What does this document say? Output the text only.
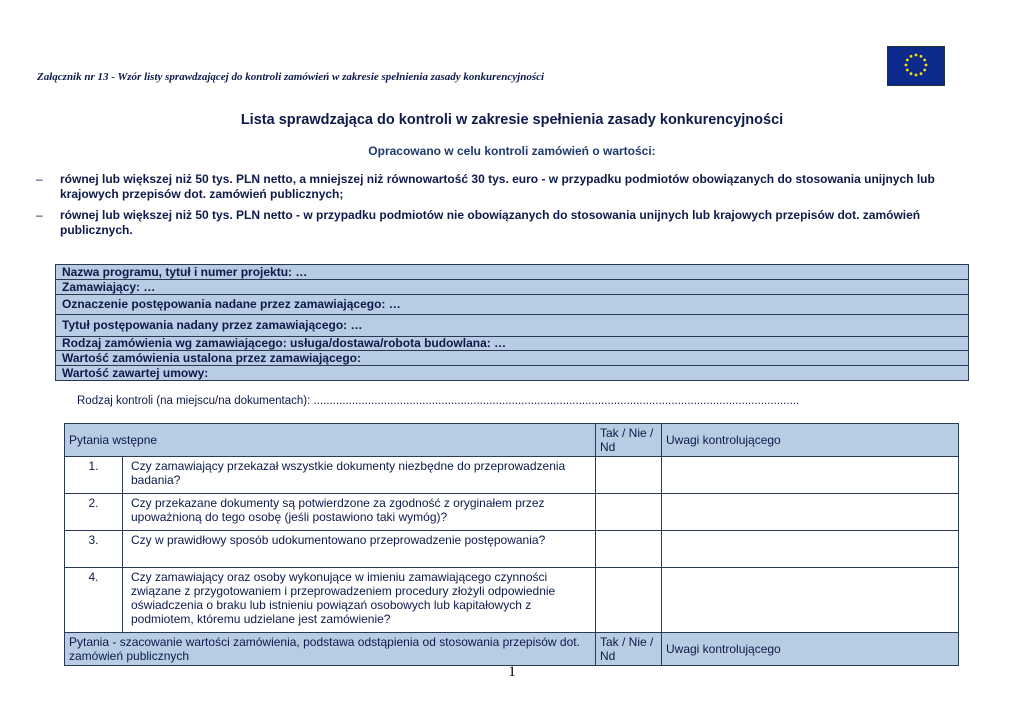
Załącznik nr 13 - Wzór listy sprawdzającej do kontroli zamówień w zakresie spełnienia zasady konkurencyjności
Lista sprawdzająca do kontroli w zakresie spełnienia zasady konkurencyjności
Opracowano w celu kontroli zamówień o wartości:
– równej lub większej niż 50 tys. PLN netto, a mniejszej niż równowartość 30 tys. euro - w przypadku podmiotów obowiązanych do stosowania unijnych lub krajowych przepisów dot. zamówień publicznych;
– równej lub większej niż 50 tys. PLN netto - w przypadku podmiotów nie obowiązanych do stosowania unijnych lub krajowych przepisów dot. zamówień publicznych.
Nazwa programu, tytuł i numer projektu: …
Zamawiający: …
Oznaczenie postępowania nadane przez zamawiającego: …
Tytuł postępowania nadany przez zamawiającego: …
Rodzaj zamówienia wg zamawiającego: usługa/dostawa/robota budowlana: …
Wartość zamówienia ustalona przez zamawiającego:
Wartość zawartej umowy:
Rodzaj kontroli (na miejscu/na dokumentach): ........................................................................................................................................................
Pytania wstępne		Tak / Nie / Nd	Uwagi kontrolującego
1.	Czy zamawiający przekazał wszystkie dokumenty niezbędne do przeprowadzenia badania?		
2.	Czy przekazane dokumenty są potwierdzone za zgodność z oryginałem przez upoważnioną do tego osobę (jeśli postawiono taki wymóg)?		
3.	Czy w prawidłowy sposób udokumentowano przeprowadzenie postępowania?		
4.	Czy zamawiający oraz osoby wykonujące w imieniu zamawiającego czynności związane z przygotowaniem i przeprowadzeniem procedury złożyli odpowiednie oświadczenia o braku lub istnieniu powiązań osobowych lub kapitałowych z podmiotem, któremu udzielane jest zamówienie?		
Pytania - szacowanie wartości zamówienia, podstawa odstąpienia od stosowania przepisów dot. zamówień publicznych		Tak / Nie / Nd	Uwagi kontrolującego
1
